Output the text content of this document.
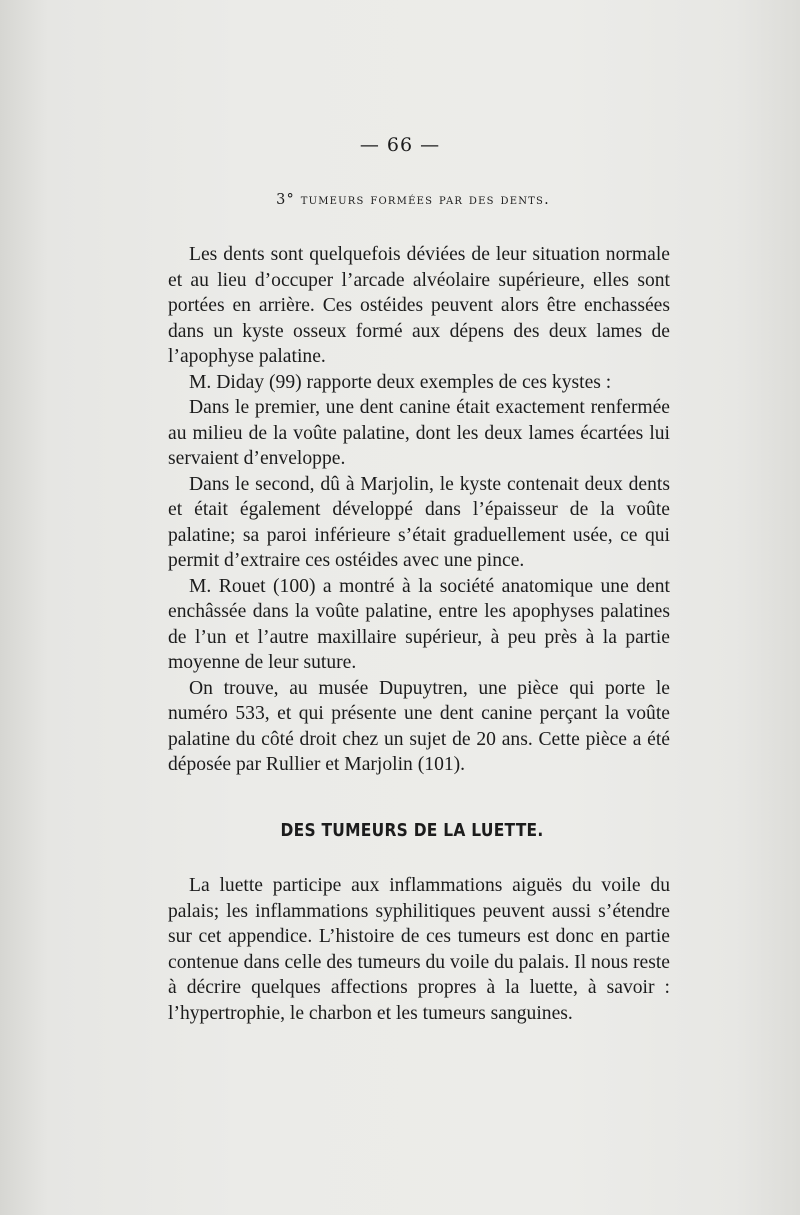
— 66 —
3° tumeurs formées par des dents.

Les dents sont quelquefois déviées de leur situation normale et au lieu d’occuper l’arcade alvéolaire supérieure, elles sont portées en arrière. Ces ostéides peuvent alors être enchassées dans un kyste osseux formé aux dépens des deux lames de l’apophyse palatine.

M. Diday (99) rapporte deux exemples de ces kystes :

Dans le premier, une dent canine était exactement renfermée au milieu de la voûte palatine, dont les deux lames écartées lui servaient d’enveloppe.

Dans le second, dû à Marjolin, le kyste contenait deux dents et était également développé dans l’épaisseur de la voûte palatine; sa paroi inférieure s’était graduellement usée, ce qui permit d’extraire ces ostéides avec une pince.

M. Rouet (100) a montré à la société anatomique une dent enchâssée dans la voûte palatine, entre les apophyses palatines de l’un et l’autre maxillaire supérieur, à peu près à la partie moyenne de leur suture.

On trouve, au musée Dupuytren, une pièce qui porte le numéro 533, et qui présente une dent canine perçant la voûte palatine du côté droit chez un sujet de 20 ans. Cette pièce a été déposée par Rullier et Marjolin (101).

DES TUMEURS DE LA LUETTE.

La luette participe aux inflammations aiguës du voile du palais; les inflammations syphilitiques peuvent aussi s’étendre sur cet appendice. L’histoire de ces tumeurs est donc en partie contenue dans celle des tumeurs du voile du palais. Il nous reste à décrire quelques affections propres à la luette, à savoir : l’hypertrophie, le charbon et les tumeurs sanguines.
